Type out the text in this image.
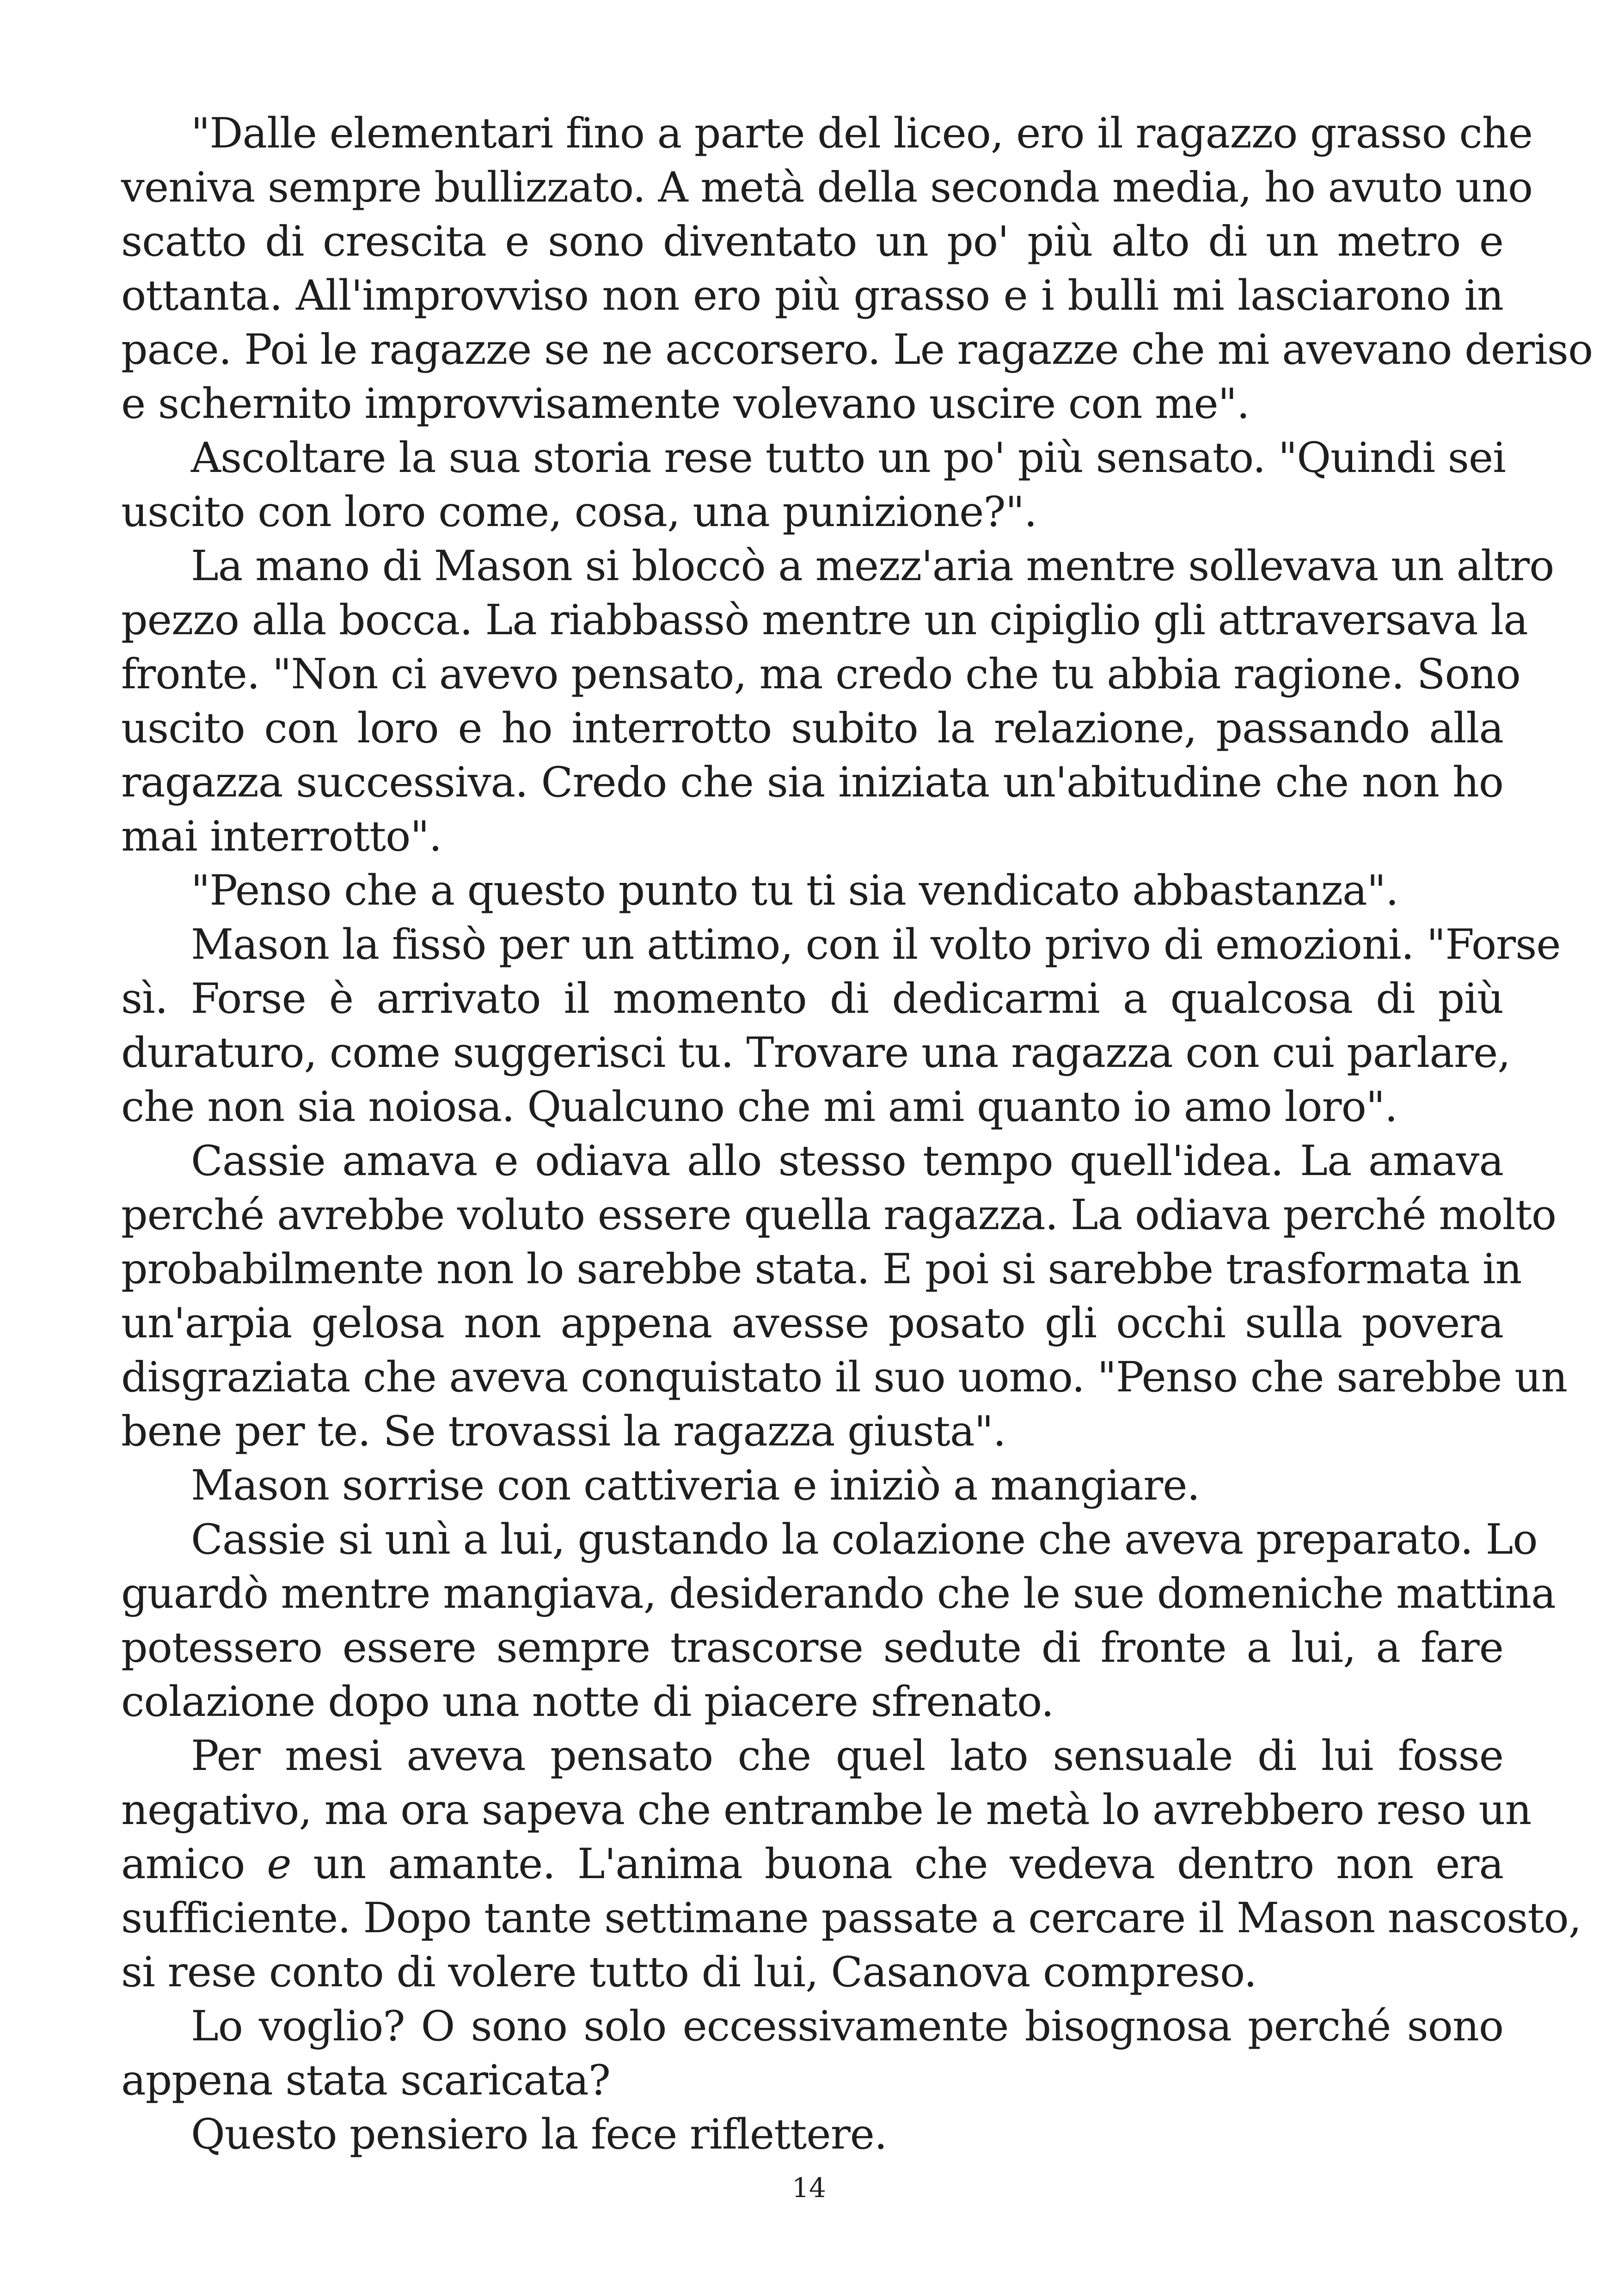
"Dalle elementari fino a parte del liceo, ero il ragazzo grasso che
veniva sempre bullizzato. A metà della seconda media, ho avuto uno
scatto di crescita e sono diventato un po' più alto di un metro e
ottanta. All'improvviso non ero più grasso e i bulli mi lasciarono in
pace. Poi le ragazze se ne accorsero. Le ragazze che mi avevano deriso
e schernito improvvisamente volevano uscire con me".
Ascoltare la sua storia rese tutto un po' più sensato. "Quindi sei
uscito con loro come, cosa, una punizione?".
La mano di Mason si bloccò a mezz'aria mentre sollevava un altro
pezzo alla bocca. La riabbassò mentre un cipiglio gli attraversava la
fronte. "Non ci avevo pensato, ma credo che tu abbia ragione. Sono
uscito con loro e ho interrotto subito la relazione, passando alla
ragazza successiva. Credo che sia iniziata un'abitudine che non ho
mai interrotto".
"Penso che a questo punto tu ti sia vendicato abbastanza".
Mason la fissò per un attimo, con il volto privo di emozioni. "Forse
sì. Forse è arrivato il momento di dedicarmi a qualcosa di più
duraturo, come suggerisci tu. Trovare una ragazza con cui parlare,
che non sia noiosa. Qualcuno che mi ami quanto io amo loro".
Cassie amava e odiava allo stesso tempo quell'idea. La amava
perché avrebbe voluto essere quella ragazza. La odiava perché molto
probabilmente non lo sarebbe stata. E poi si sarebbe trasformata in
un'arpia gelosa non appena avesse posato gli occhi sulla povera
disgraziata che aveva conquistato il suo uomo. "Penso che sarebbe un
bene per te. Se trovassi la ragazza giusta".
Mason sorrise con cattiveria e iniziò a mangiare.
Cassie si unì a lui, gustando la colazione che aveva preparato. Lo
guardò mentre mangiava, desiderando che le sue domeniche mattina
potessero essere sempre trascorse sedute di fronte a lui, a fare
colazione dopo una notte di piacere sfrenato.
Per mesi aveva pensato che quel lato sensuale di lui fosse
negativo, ma ora sapeva che entrambe le metà lo avrebbero reso un
amico e un amante. L'anima buona che vedeva dentro non era
sufficiente. Dopo tante settimane passate a cercare il Mason nascosto,
si rese conto di volere tutto di lui, Casanova compreso.
Lo voglio? O sono solo eccessivamente bisognosa perché sono
appena stata scaricata?
Questo pensiero la fece riflettere.
14
